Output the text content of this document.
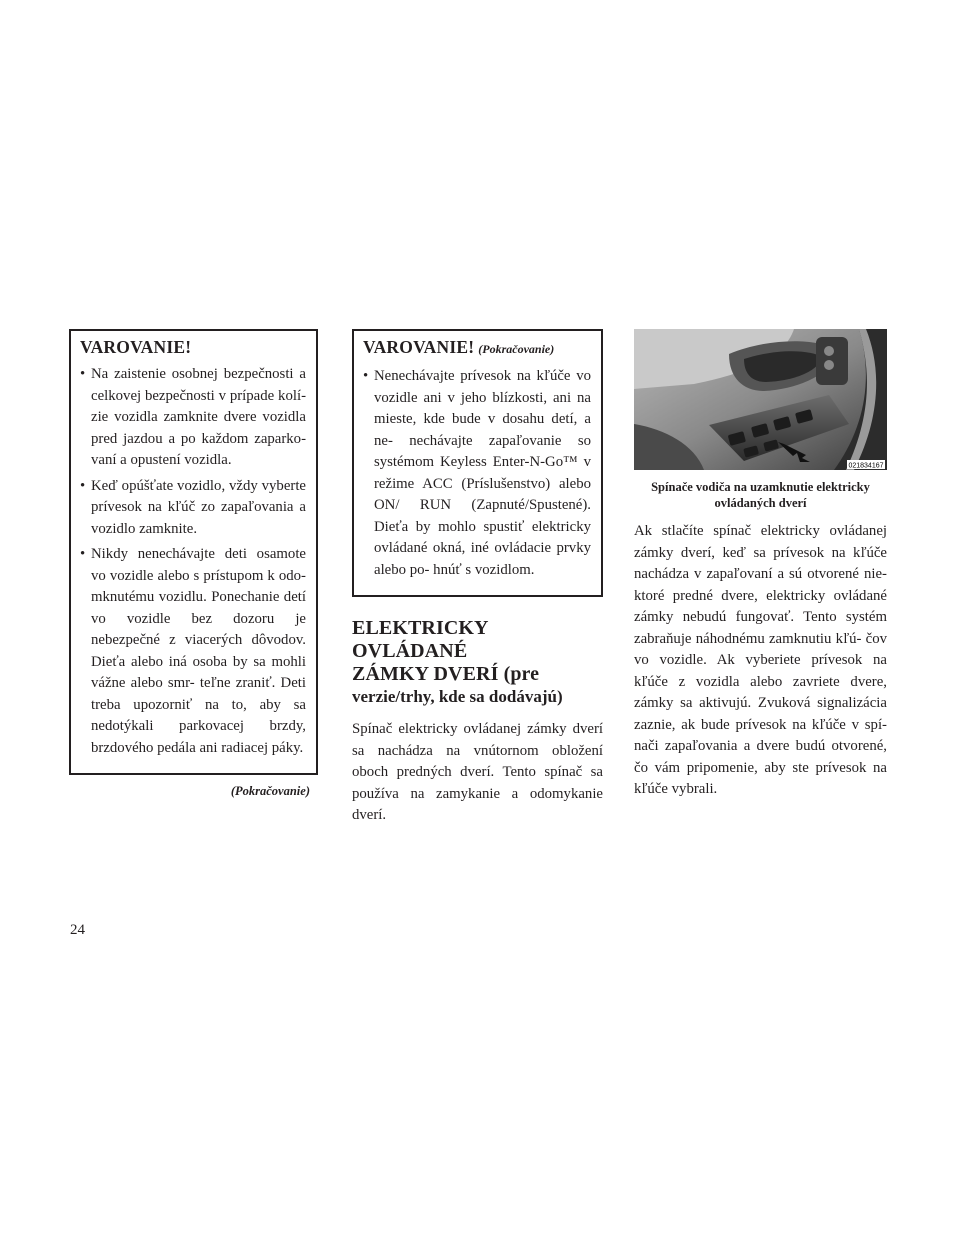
VAROVANIE!
• Na zaistenie osobnej bezpečnosti a celkovej bezpečnosti v prípade kolí- zie vozidla zamknite dvere vozidla pred jazdou a po každom zaparko- vaní a opustení vozidla.
• Keď opúšťate vozidlo, vždy vyberte prívesok na kľúč zo zapaľovania a vozidlo zamknite.
• Nikdy nenechávajte deti osamote vo vozidle alebo s prístupom k odo- mknutému vozidlu. Ponechanie detí vo vozidle bez dozoru je nebezpečné z viacerých dôvodov. Dieťa alebo iná osoba by sa mohli vážne alebo smr- teľne zraniť. Deti treba upozorniť na to, aby sa nedotýkali parkovacej brzdy, brzdového pedála ani radiacej páky.
(Pokračovanie)
VAROVANIE! (Pokračovanie)
• Nenechávajte prívesok na kľúče vo vozidle ani v jeho blízkosti, ani na mieste, kde bude v dosahu detí, a ne- nechávajte zapaľovanie so systémom Keyless Enter-N-Go™ v režime ACC (Príslušenstvo) alebo ON/ RUN (Zapnuté/Spustené). Dieťa by mohlo spustiť elektricky ovládané okná, iné ovládacie prvky alebo po- hnúť s vozidlom.
ELEKTRICKY OVLÁDANÉ
ZÁMKY DVERÍ (pre
verzie/trhy, kde sa dodávajú)

Spínač elektricky ovládanej zámky dverí sa nachádza na vnútornom obložení oboch predných dverí. Tento spínač sa používa na zamykanie a odomykanie dverí.

021834167
Spínače vodiča na uzamknutie elektricky
ovládaných dverí

Ak stlačíte spínač elektricky ovládanej zámky dverí, keď sa prívesok na kľúče nachádza v zapaľovaní a sú otvorené nie- ktoré predné dvere, elektricky ovládané zámky nebudú fungovať. Tento systém zabraňuje náhodnému zamknutiu kľú- čov vo vozidle. Ak vyberiete prívesok na kľúče z vozidla alebo zavriete dvere, zámky sa aktivujú. Zvuková signalizácia zaznie, ak bude prívesok na kľúče v spí- nači zapaľovania a dvere budú otvorené, čo vám pripomenie, aby ste prívesok na kľúče vybrali.

24
